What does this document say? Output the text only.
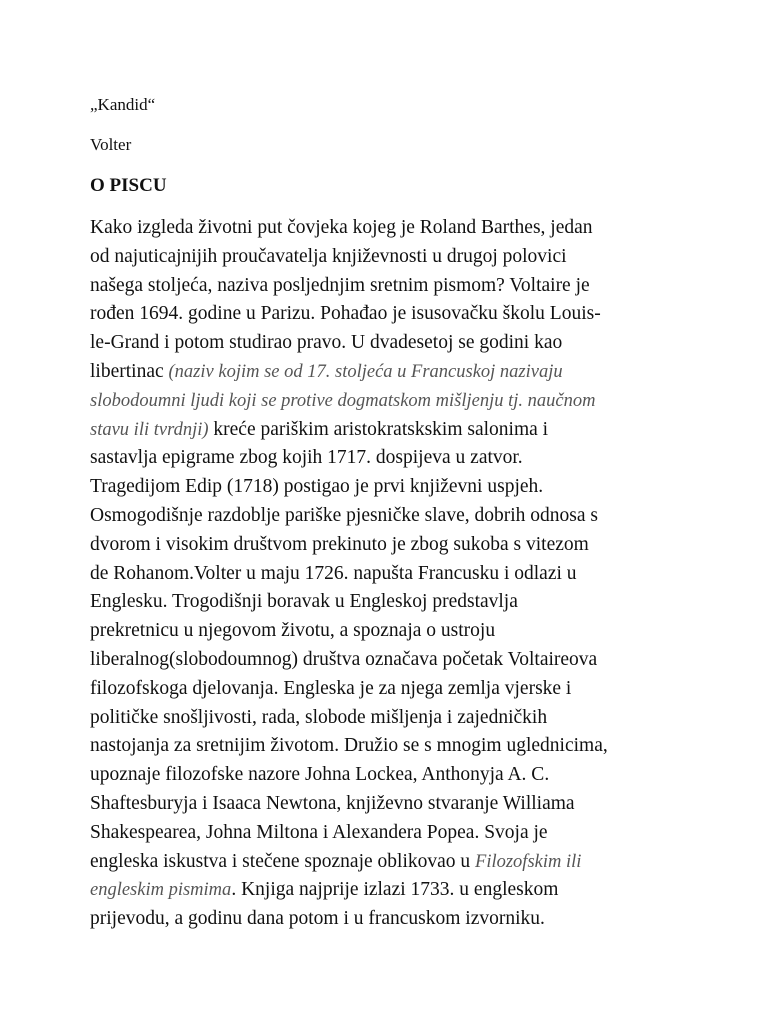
„Kandid“
Volter
O PISCU
Kako izgleda životni put čovjeka kojeg je Roland Barthes, jedan
od najuticajnijih proučavatelja književnosti u drugoj polovici
našega stoljeća, naziva posljednjim sretnim pismom? Voltaire je
rođen 1694. godine u Parizu. Pohađao je isusovačku školu Louis-
le-Grand i potom studirao pravo. U dvadesetoj se godini kao
libertinac (naziv kojim se od 17. stoljeća u Francuskoj nazivaju
slobodoumni ljudi koji se protive dogmatskom mišljenju tj. naučnom
stavu ili tvrdnji) kreće pariškim aristokratskskim salonima i
sastavlja epigrame zbog kojih 1717. dospijeva u zatvor.
Tragedijom Edip (1718) postigao je prvi književni uspjeh.
Osmogodišnje razdoblje pariške pjesničke slave, dobrih odnosa s
dvorom i visokim društvom prekinuto je zbog sukoba s vitezom
de Rohanom.Volter u maju 1726. napušta Francusku i odlazi u
Englesku. Trogodišnji boravak u Engleskoj predstavlja
prekretnicu u njegovom životu, a spoznaja o ustroju
liberalnog(slobodoumnog) društva označava početak Voltaireova
filozofskoga djelovanja. Engleska je za njega zemlja vjerske i
političke snošljivosti, rada, slobode mišljenja i zajedničkih
nastojanja za sretnijim životom. Družio se s mnogim uglednicima,
upoznaje filozofske nazore Johna Lockea, Anthonyja A. C.
Shaftesburyja i Isaaca Newtona, književno stvaranje Williama
Shakespearea, Johna Miltona i Alexandera Popea. Svoja je
engleska iskustva i stečene spoznaje oblikovao u Filozofskim ili
engleskim pismima. Knjiga najprije izlazi 1733. u engleskom
prijevodu, a godinu dana potom i u francuskom izvorniku.
